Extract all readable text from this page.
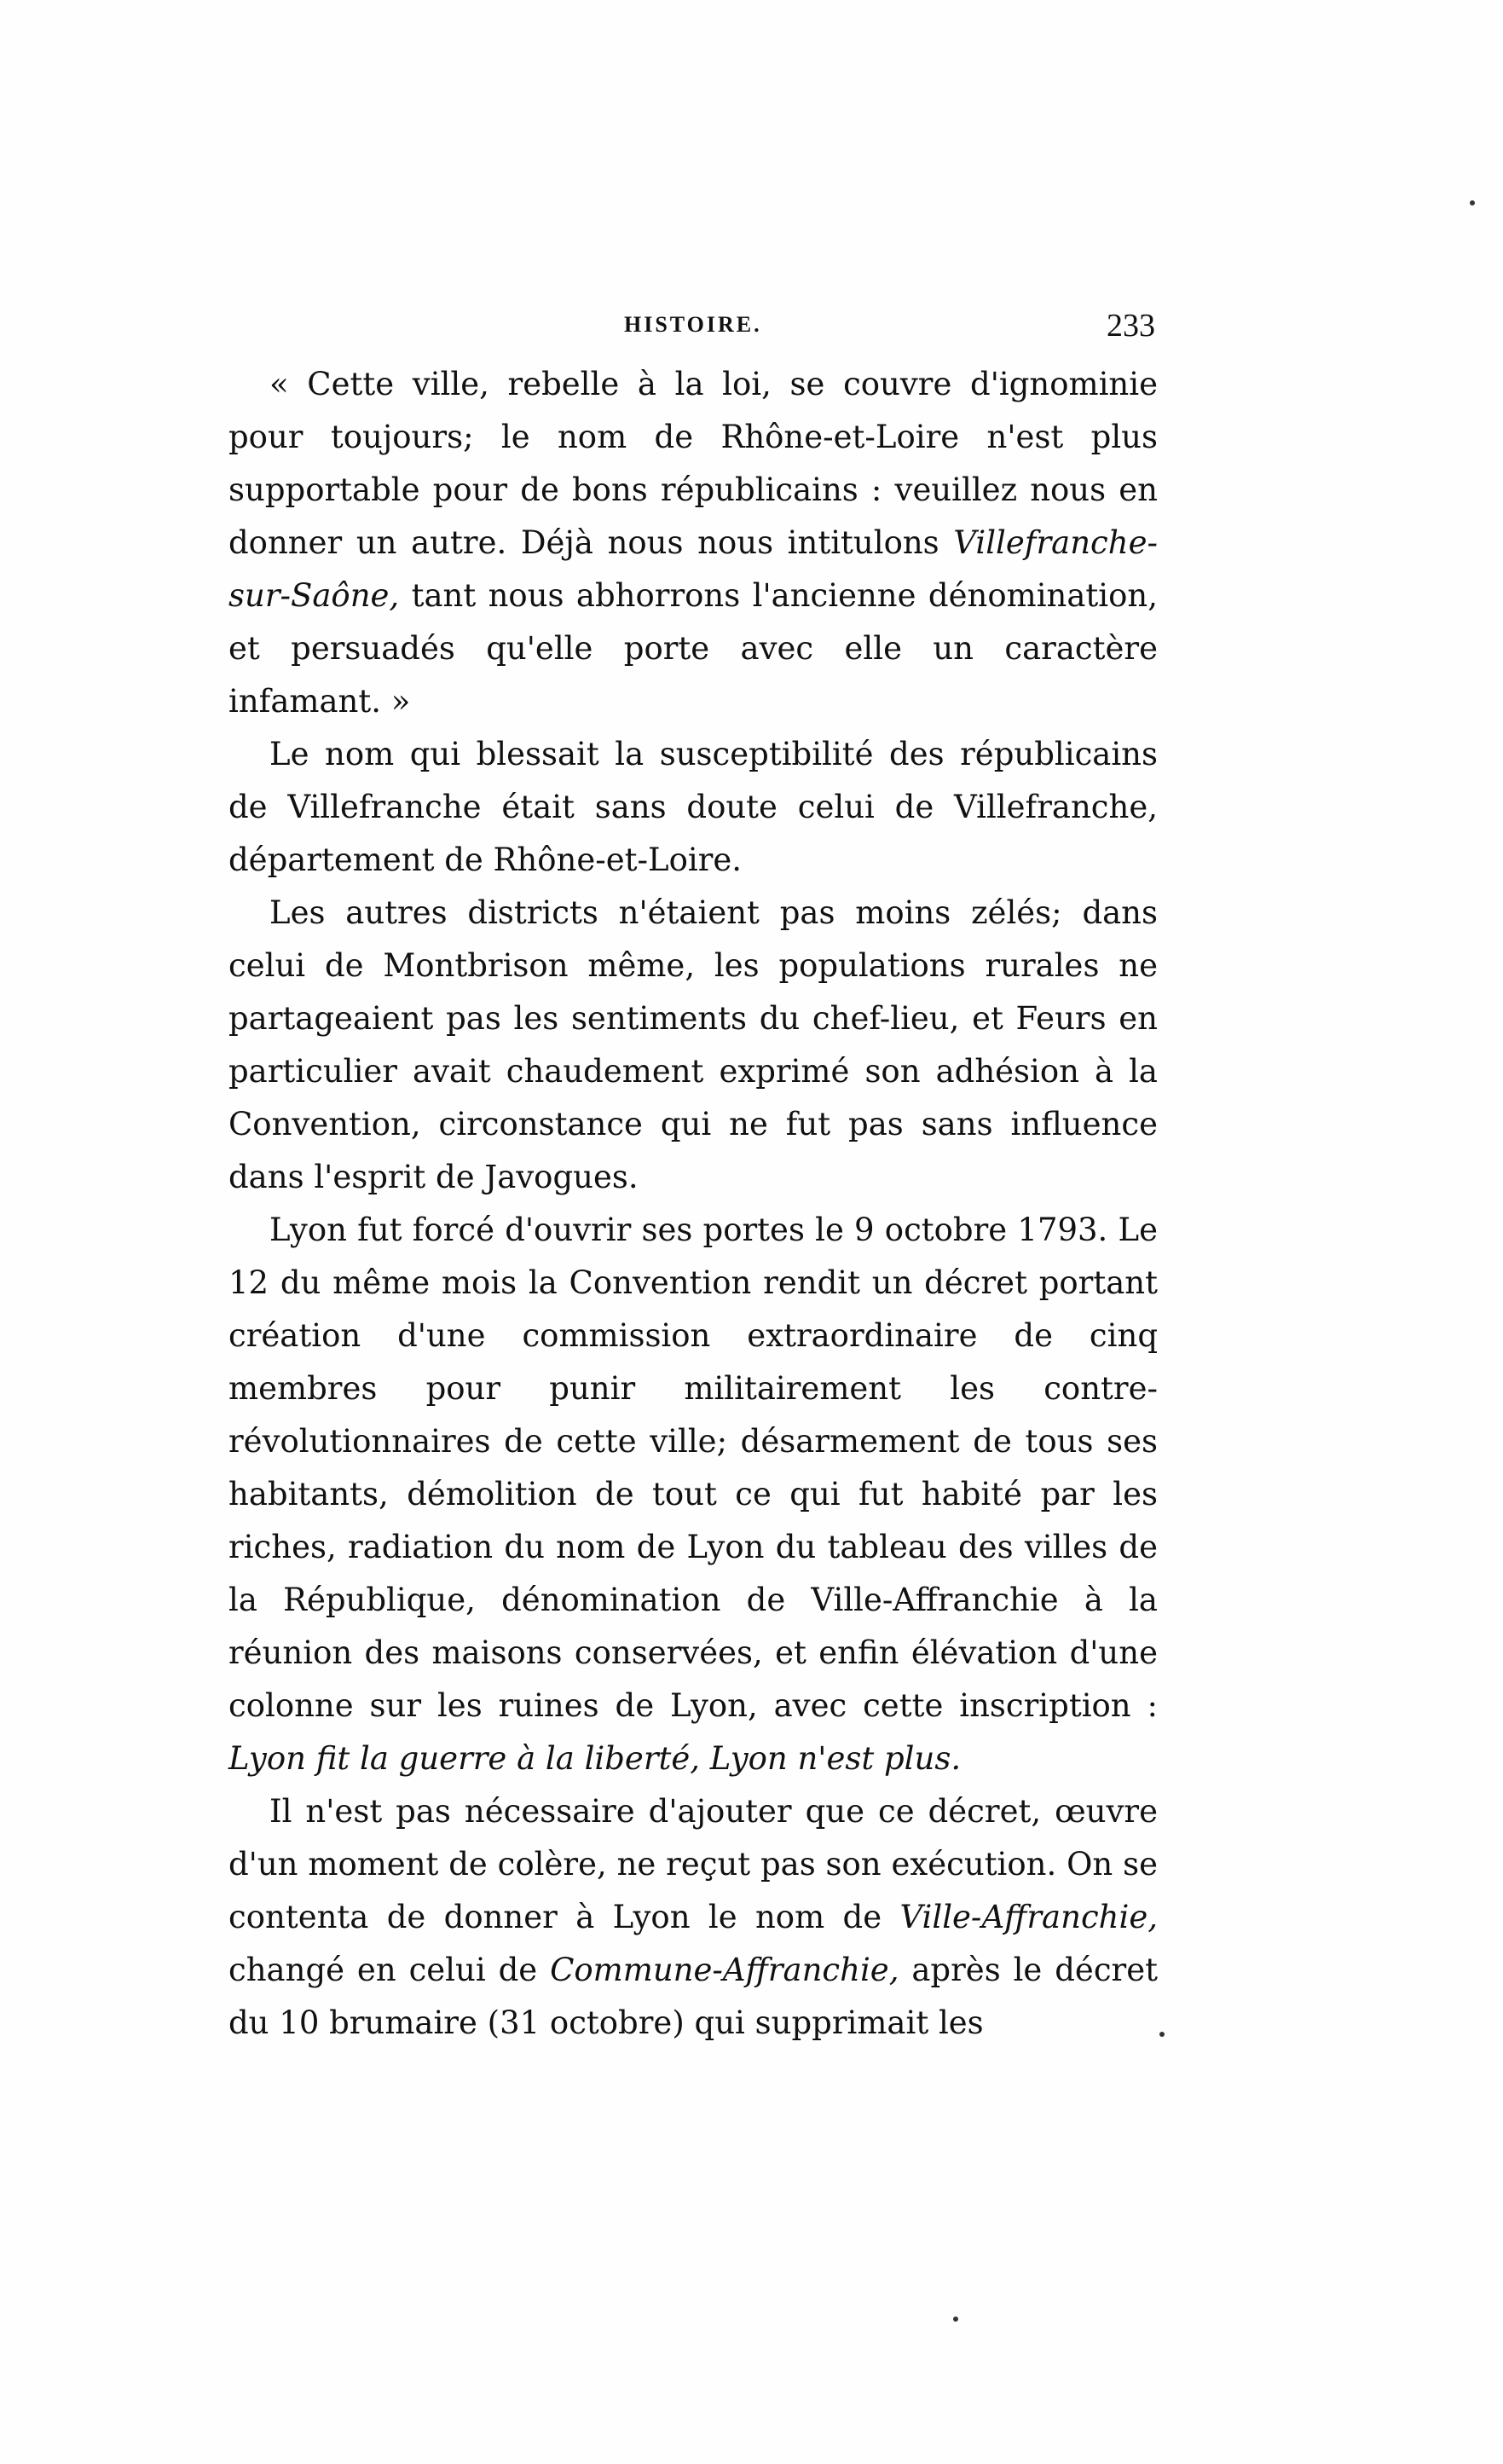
HISTOIRE.	233

« Cette ville, rebelle à la loi, se couvre d'ignominie pour toujours; le nom de Rhône-et-Loire n'est plus supportable pour de bons républicains : veuillez nous en donner un autre. Déjà nous nous intitulons Villefranche-sur-Saône, tant nous abhorrons l'ancienne dénomination, et persuadés qu'elle porte avec elle un caractère infamant. »

Le nom qui blessait la susceptibilité des républicains de Villefranche était sans doute celui de Villefranche, département de Rhône-et-Loire.

Les autres districts n'étaient pas moins zélés; dans celui de Montbrison même, les populations rurales ne partageaient pas les sentiments du chef-lieu, et Feurs en particulier avait chaudement exprimé son adhésion à la Convention, circonstance qui ne fut pas sans influence dans l'esprit de Javogues.

Lyon fut forcé d'ouvrir ses portes le 9 octobre 1793. Le 12 du même mois la Convention rendit un décret portant création d'une commission extraordinaire de cinq membres pour punir militairement les contre-révolutionnaires de cette ville; désarmement de tous ses habitants, démolition de tout ce qui fut habité par les riches, radiation du nom de Lyon du tableau des villes de la République, dénomination de Ville-Affranchie à la réunion des maisons conservées, et enfin élévation d'une colonne sur les ruines de Lyon, avec cette inscription : Lyon fit la guerre à la liberté, Lyon n'est plus.

Il n'est pas nécessaire d'ajouter que ce décret, œuvre d'un moment de colère, ne reçut pas son exécution. On se contenta de donner à Lyon le nom de Ville-Affranchie, changé en celui de Commune-Affranchie, après le décret du 10 brumaire (31 octobre) qui supprimait les
